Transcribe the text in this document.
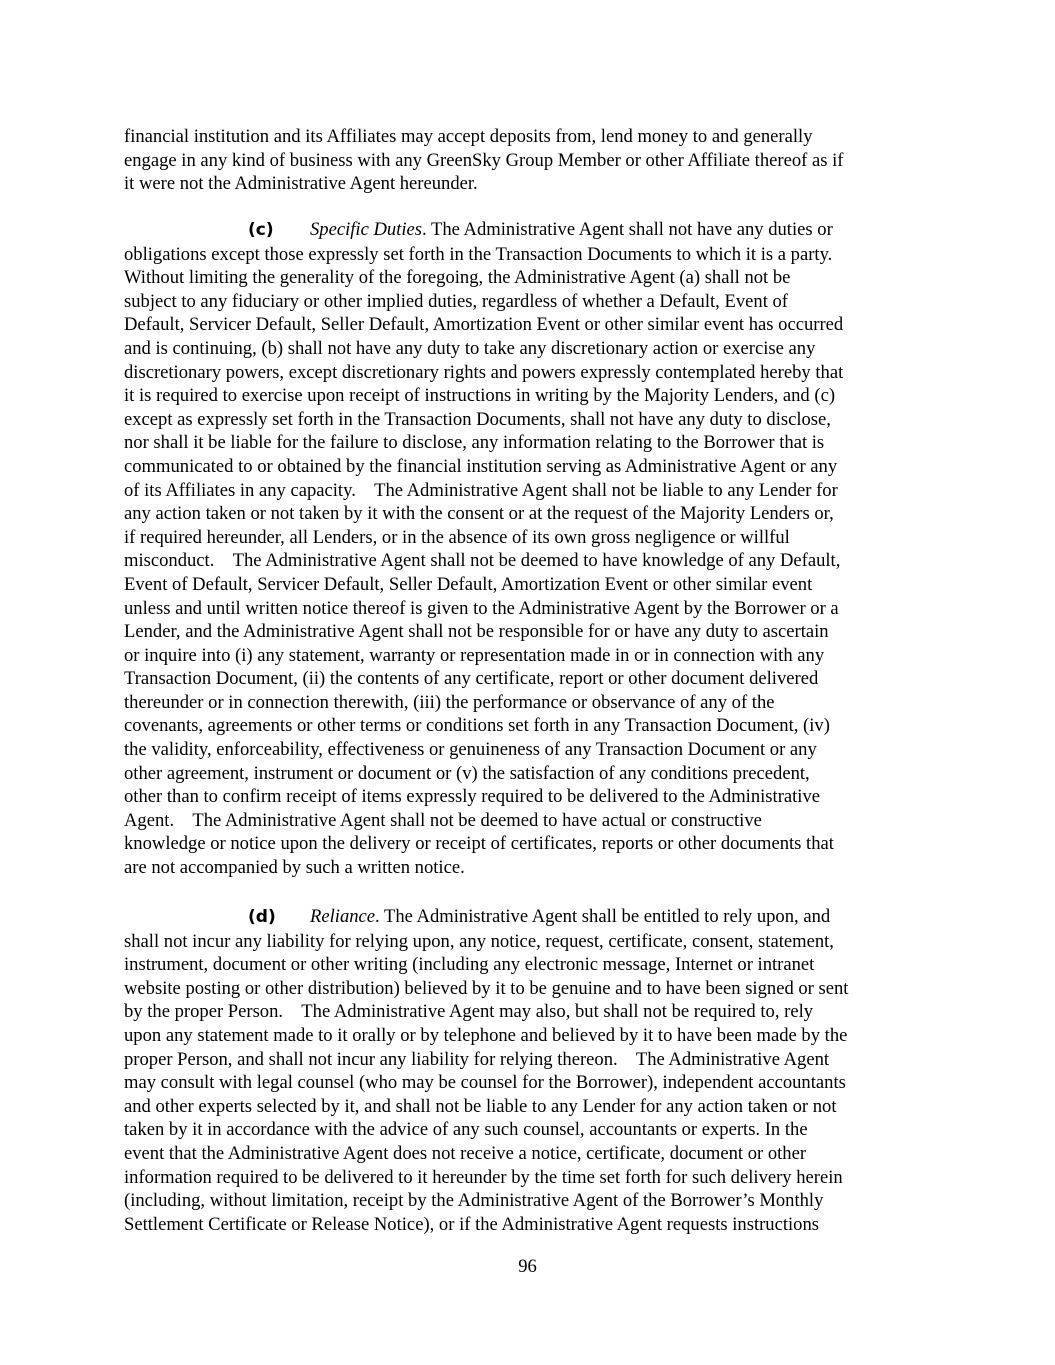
financial institution and its Affiliates may accept deposits from, lend money to and generally
engage in any kind of business with any GreenSky Group Member or other Affiliate thereof as if
it were not the Administrative Agent hereunder.
(c) Specific Duties. The Administrative Agent shall not have any duties or
obligations except those expressly set forth in the Transaction Documents to which it is a party.
Without limiting the generality of the foregoing, the Administrative Agent (a) shall not be
subject to any fiduciary or other implied duties, regardless of whether a Default, Event of
Default, Servicer Default, Seller Default, Amortization Event or other similar event has occurred
and is continuing, (b) shall not have any duty to take any discretionary action or exercise any
discretionary powers, except discretionary rights and powers expressly contemplated hereby that
it is required to exercise upon receipt of instructions in writing by the Majority Lenders, and (c)
except as expressly set forth in the Transaction Documents, shall not have any duty to disclose,
nor shall it be liable for the failure to disclose, any information relating to the Borrower that is
communicated to or obtained by the financial institution serving as Administrative Agent or any
of its Affiliates in any capacity.    The Administrative Agent shall not be liable to any Lender for
any action taken or not taken by it with the consent or at the request of the Majority Lenders or,
if required hereunder, all Lenders, or in the absence of its own gross negligence or willful
misconduct.    The Administrative Agent shall not be deemed to have knowledge of any Default,
Event of Default, Servicer Default, Seller Default, Amortization Event or other similar event
unless and until written notice thereof is given to the Administrative Agent by the Borrower or a
Lender, and the Administrative Agent shall not be responsible for or have any duty to ascertain
or inquire into (i) any statement, warranty or representation made in or in connection with any
Transaction Document, (ii) the contents of any certificate, report or other document delivered
thereunder or in connection therewith, (iii) the performance or observance of any of the
covenants, agreements or other terms or conditions set forth in any Transaction Document, (iv)
the validity, enforceability, effectiveness or genuineness of any Transaction Document or any
other agreement, instrument or document or (v) the satisfaction of any conditions precedent,
other than to confirm receipt of items expressly required to be delivered to the Administrative
Agent.    The Administrative Agent shall not be deemed to have actual or constructive
knowledge or notice upon the delivery or receipt of certificates, reports or other documents that
are not accompanied by such a written notice.
(d) Reliance. The Administrative Agent shall be entitled to rely upon, and
shall not incur any liability for relying upon, any notice, request, certificate, consent, statement,
instrument, document or other writing (including any electronic message, Internet or intranet
website posting or other distribution) believed by it to be genuine and to have been signed or sent
by the proper Person.    The Administrative Agent may also, but shall not be required to, rely
upon any statement made to it orally or by telephone and believed by it to have been made by the
proper Person, and shall not incur any liability for relying thereon.    The Administrative Agent
may consult with legal counsel (who may be counsel for the Borrower), independent accountants
and other experts selected by it, and shall not be liable to any Lender for any action taken or not
taken by it in accordance with the advice of any such counsel, accountants or experts. In the
event that the Administrative Agent does not receive a notice, certificate, document or other
information required to be delivered to it hereunder by the time set forth for such delivery herein
(including, without limitation, receipt by the Administrative Agent of the Borrower’s Monthly
Settlement Certificate or Release Notice), or if the Administrative Agent requests instructions
96
